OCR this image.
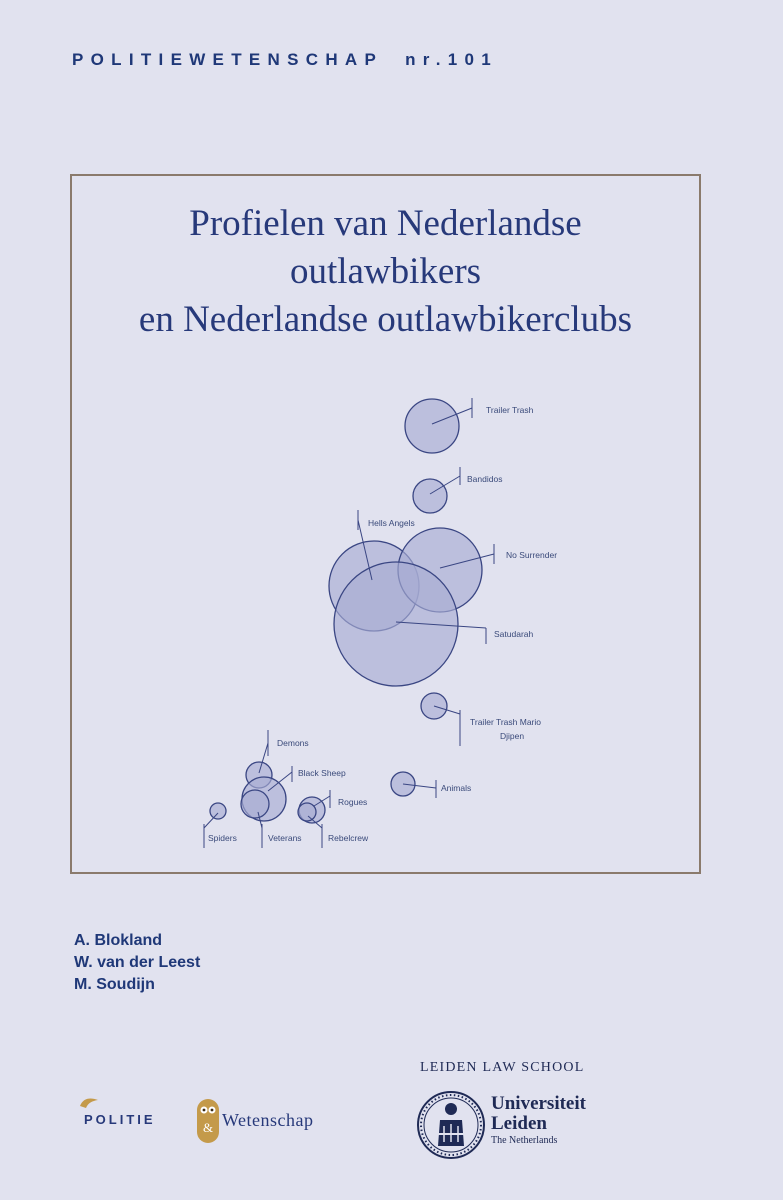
POLITIEWETENSCHAP nr.101
Profielen van Nederlandse
outlawbikers
en Nederlandse outlawbikerclubs
Trailer Trash
Bandidos
Hells Angels
No Surrender
Satudarah
Trailer Trash Mario
Djipen
Demons
Black Sheep
Animals
Rogues
Spiders	Veterans	Rebelcrew
A. Blokland
W. van der Leest
M. Soudijn
POLITIE
& Wetenschap
LEIDEN LAW SCHOOL
Universiteit
Leiden
The Netherlands
